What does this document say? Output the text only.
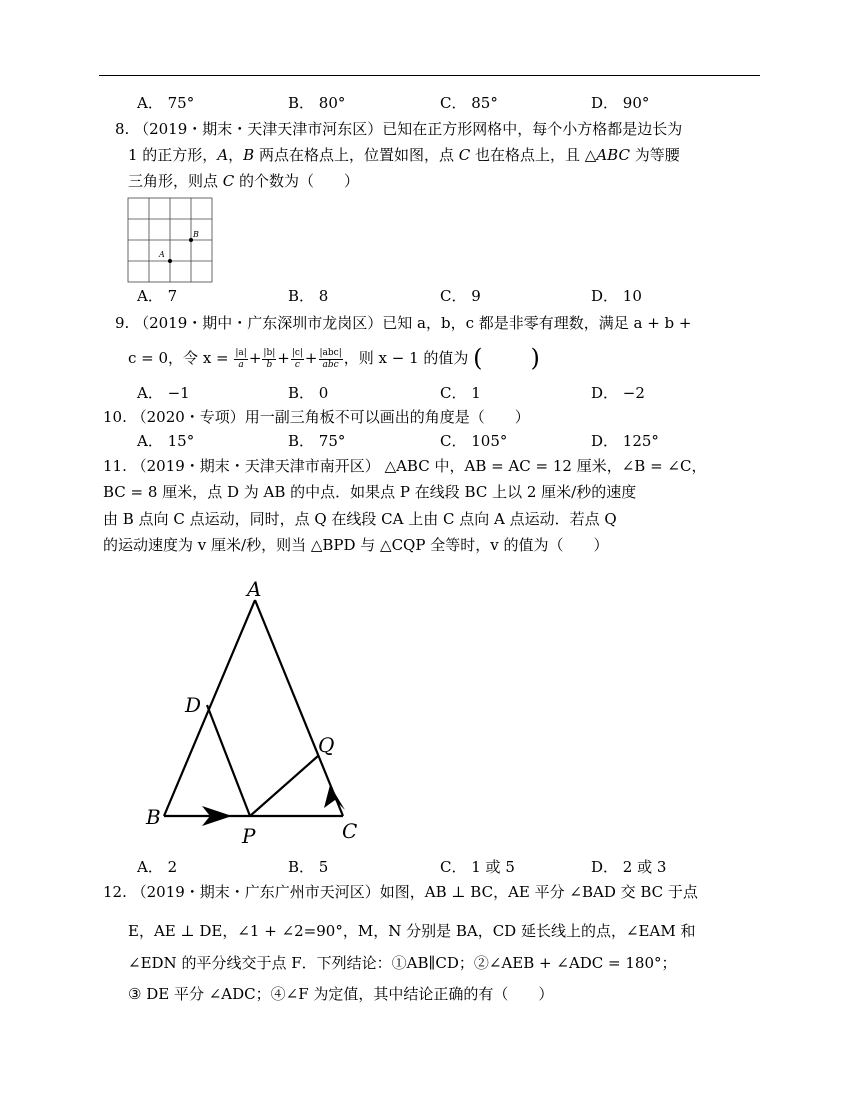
A． 75°	B． 80°	C． 85°	D． 90°
8. （2019・期末・天津天津市河东区）已知在正方形网格中，每个小方格都是边长为
1 的正方形，A，B 两点在格点上，位置如图，点 C 也在格点上，且 △ABC 为等腰
三角形，则点 C 的个数为（　　）
B
A
A． 7	B． 8	C． 9	D． 10
9. （2019・期中・广东深圳市龙岗区）已知 a，b，c 都是非零有理数，满足 a + b +
c = 0，令 $x = \frac{|a|}{a} + \frac{|b|}{b} + \frac{|c|}{c} + \frac{\text{|abc|}}{\text{abc}}$ ，则 x − 1 的值为 (　　)
A． −1	B． 0	C． 1	D． −2
10. （2020・专项）用一副三角板不可以画出的角度是（　　）
A． 15°	B． 75°	C． 105°	D． 125°
11. （2019・期末・天津天津市南开区） △ABC 中，AB = AC = 12 厘米，∠B = ∠C，
BC = 8 厘米，点 D 为 AB 的中点．如果点 P 在线段 BC 上以 2 厘米/秒的速度
由 B 点向 C 点运动，同时，点 Q 在线段 CA 上由 C 点向 A 点运动．若点 Q
的运动速度为 v 厘米/秒，则当 △BPD 与 △CQP 全等时，v 的值为（　　）
A
D
Q
B
P	C
A． 2	B． 5	C． 1 或 5	D． 2 或 3
12. （2019・期末・广东广州市天河区）如图，AB ⊥ BC，AE 平分 ∠BAD 交 BC 于点
E，AE ⊥ DE，∠1 + ∠2=90°，M，N 分别是 BA，CD 延长线上的点，∠EAM 和
∠EDN 的平分线交于点 F．下列结论：①AB∥CD；②∠AEB + ∠ADC = 180°；
③ DE 平分 ∠ADC；④∠F 为定值，其中结论正确的有（　　）
